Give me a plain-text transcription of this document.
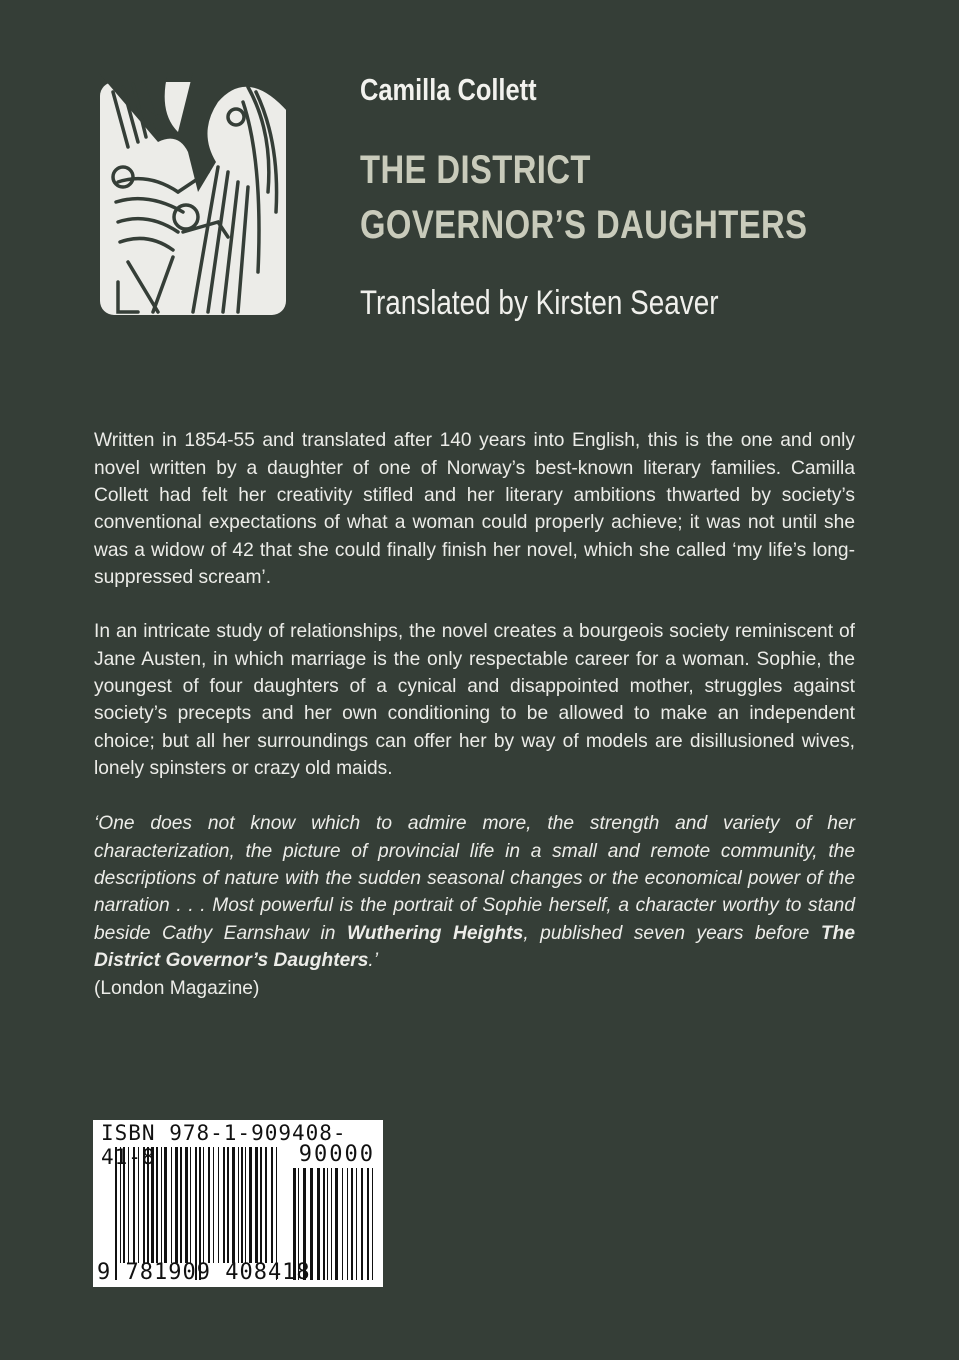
Camilla Collett
THE DISTRICT
GOVERNOR’S DAUGHTERS
Translated by Kirsten Seaver

Written in 1854-55 and translated after 140 years into English, this is the one and only novel written by a daughter of one of Norway’s best-known literary families. Camilla Collett had felt her creativity stifled and her literary ambitions thwarted by society’s conventional expectations of what a woman could properly achieve; it was not until she was a widow of 42 that she could finally finish her novel, which she called ‘my life’s long-suppressed scream’.

In an intricate study of relationships, the novel creates a bourgeois society reminiscent of Jane Austen, in which marriage is the only respectable career for a woman. Sophie, the youngest of four daughters of a cynical and disappointed mother, struggles against society’s precepts and her own conditioning to be allowed to make an independent choice; but all her surroundings can offer her by way of models are disillusioned wives, lonely spinsters or crazy old maids.

‘One does not know which to admire more, the strength and variety of her characterization, the picture of provincial life in a small and remote community, the descriptions of nature with the sudden seasonal changes or the economical power of the narration . . . Most powerful is the portrait of Sophie herself, a character worthy to stand beside Cathy Earnshaw in Wuthering Heights, published seven years before The District Governor’s Daughters.’
(London Magazine)

ISBN 978-1-909408-41-8	90000
9 781909 408418
